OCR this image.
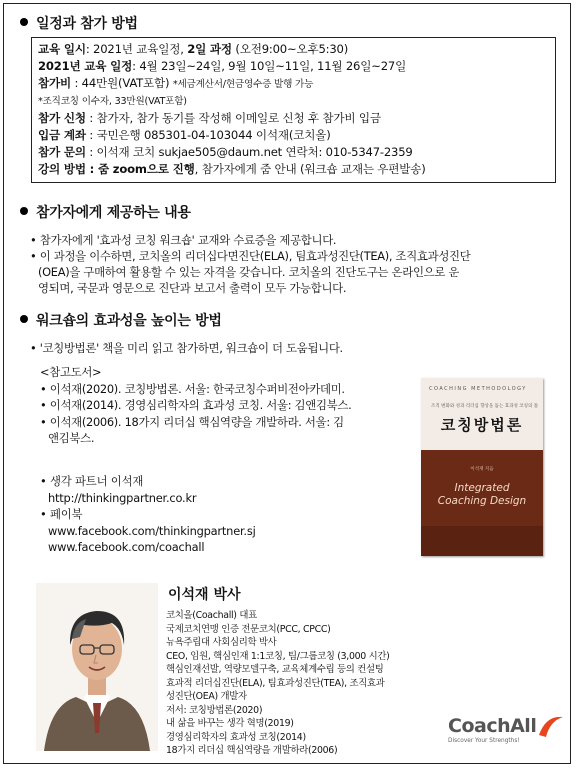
일정과 참가 방법
교육 일시: 2021년 교육일정, 2일 과정 (오전9:00~오후5:30)
2021년 교육 일정: 4월 23일~24일, 9월 10일~11일, 11월 26일~27일
참가비 : 44만원(VAT포함) *세금계산서/현금영수증 발행 가능
*조직코칭 이수자, 33만원(VAT포함)
참가 신청 : 참가자, 참가 동기를 작성해 이메일로 신청 후 참가비 입금
입금 계좌 : 국민은행 085301-04-103044 이석재(코치올)
참가 문의 : 이석재 코치 sukjae505@daum.net 연락처: 010-5347-2359
강의 방법 : 줌 zoom으로 진행, 참가자에게 줌 안내 (워크숍 교재는 우편발송)
참가자에게 제공하는 내용
• 참가자에게 '효과성 코칭 워크숍' 교재와 수료증을 제공합니다.
• 이 과정을 이수하면, 코치올의 리더십다면진단(ELA), 팀효과성진단(TEA), 조직효과성진단
(OEA)을 구매하여 활용할 수 있는 자격을 갖습니다. 코치올의 진단도구는 온라인으로 운
영되며, 국문과 영문으로 진단과 보고서 출력이 모두 가능합니다.
워크숍의 효과성을 높이는 방법
• '코칭방법론' 책을 미리 읽고 참가하면, 워크숍이 더 도움됩니다.
<참고도서>
• 이석재(2020). 코칭방법론. 서울: 한국코칭수퍼비전아카데미.
• 이석재(2014). 경영심리학자의 효과성 코칭. 서울: 김앤김북스.
• 이석재(2006). 18가지 리더십 핵심역량을 개발하라. 서울: 김
앤김북스.
• 생각 파트너 이석재
http://thinkingpartner.co.kr
• 페이북
www.facebook.com/thinkingpartner.sj
www.facebook.com/coachall
COACHING METHODOLOGY
조직 변화와 성과 리더십 향상을 돕는 효과성 코칭의 틀
코칭방법론
이석재 지음
Integrated
Coaching Design
이석재 박사
코치올(Coachall) 대표
국제코치연맹 인증 전문코치(PCC, CPCC)
뉴욕주립대 사회심리학 박사
CEO, 임원, 핵심인재 1:1코칭, 팀/그룹코칭 (3,000 시간)
핵심인재선발, 역량모델구축, 교육체계수립 등의 컨설팅
효과적 리더십진단(ELA), 팀효과성진단(TEA), 조직효과
성진단(OEA) 개발자
저서: 코칭방법론(2020)
내 삶을 바꾸는 생각 혁명(2019)
경영심리학자의 효과성 코칭(2014)
18가지 리더십 핵심역량을 개발하라(2006)
CoachAll
Discover Your Strengths!
